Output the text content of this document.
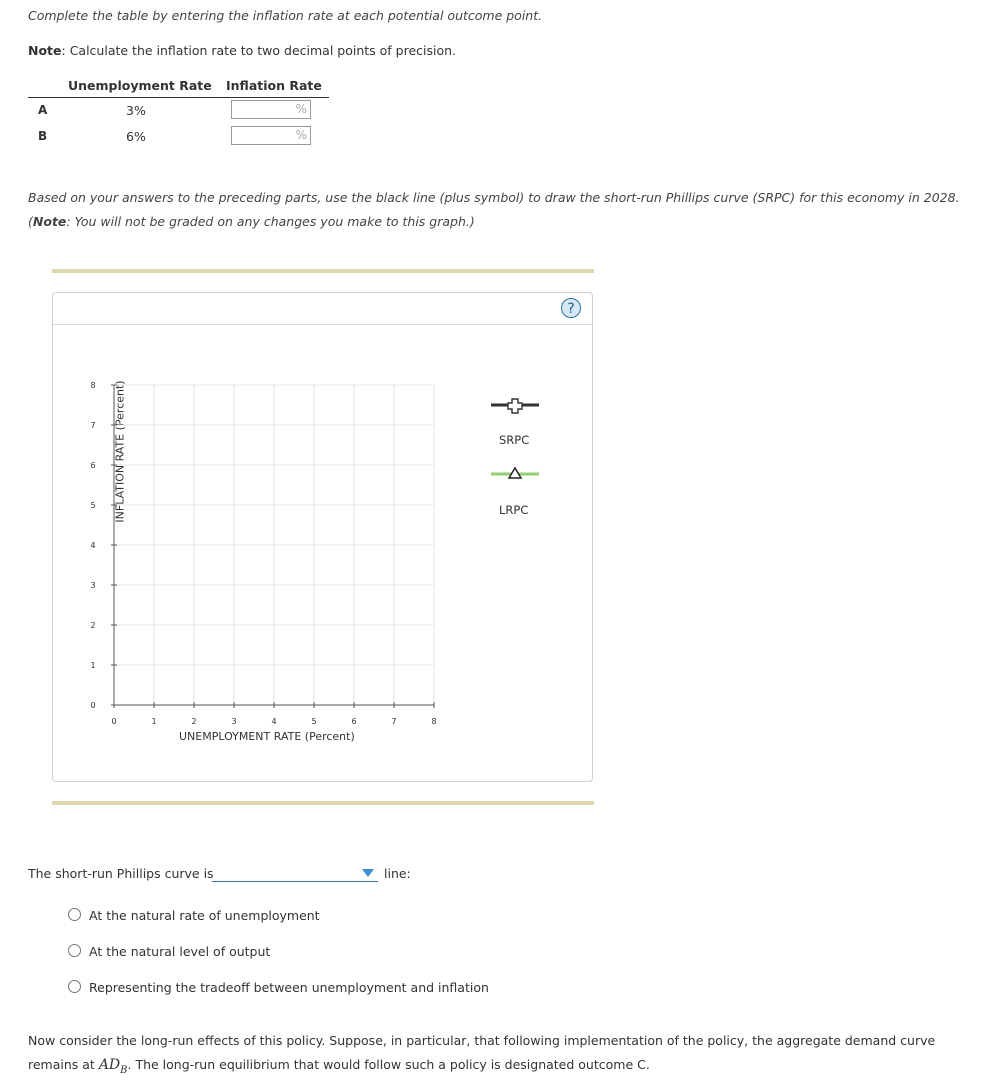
Complete the table by entering the inflation rate at each potential outcome point.
Note: Calculate the inflation rate to two decimal points of precision.
Unemployment Rate Inflation Rate
A	3%	%
B	6%	%
Based on your answers to the preceding parts, use the black line (plus symbol) to draw the short-run Phillips curve (SRPC) for this economy in 2028.
(Note: You will not be graded on any changes you make to this graph.)
?
INFLATION RATE (Percent)
0	1	2	3	4	5	6	7	8
0
1
2
3
4
5
6
7
8
UNEMPLOYMENT RATE (Percent)
SRPC
LRPC
The short-run Phillips curve is	line:
At the natural rate of unemployment
At the natural level of output
Representing the tradeoff between unemployment and inflation
Now consider the long-run effects of this policy. Suppose, in particular, that following implementation of the policy, the aggregate demand curve
remains at $AD_B$. The long-run equilibrium that would follow such a policy is designated outcome C.
